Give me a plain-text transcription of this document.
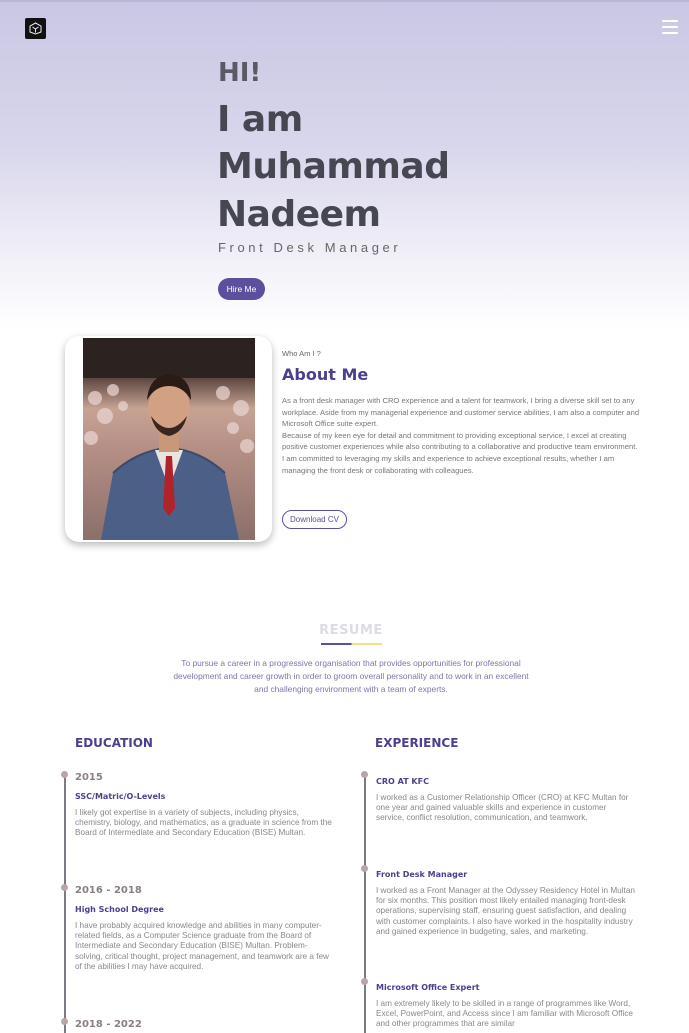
HI!
I am
Muhammad
Nadeem
Front Desk Manager
Hire Me
Who Am I ?
About Me

As a front desk manager with CRO experience and a talent for teamwork, I bring a diverse skill set to any workplace. Aside from my managerial experience and customer service abilities, I am also a computer and Microsoft Office suite expert.

Because of my keen eye for detail and commitment to providing exceptional service, I excel at creating positive customer experiences while also contributing to a collaborative and productive team environment. I am committed to leveraging my skills and experience to achieve exceptional results, whether I am managing the front desk or collaborating with colleagues.

Download CV
RESUME
To pursue a career in a progressive organisation that provides opportunities for professional development and career growth in order to groom overall personality and to work in an excellent and challenging environment with a team of experts.
EDUCATION
2015
SSC/Matric/O-Levels
I likely got expertise in a variety of subjects, including physics, chemistry, biology, and mathematics, as a graduate in science from the Board of Intermediate and Secondary Education (BISE) Multan.
2016 - 2018
High School Degree
I have probably acquired knowledge and abilities in many computer-related fields, as a Computer Science graduate from the Board of Intermediate and Secondary Education (BISE) Multan. Problem-solving, critical thought, project management, and teamwork are a few of the abilities I may have acquired.
2018 - 2022
EXPERIENCE
CRO AT KFC
I worked as a Customer Relationship Officer (CRO) at KFC Multan for one year and gained valuable skills and experience in customer service, conflict resolution, communication, and teamwork.
Front Desk Manager
I worked as a Front Manager at the Odyssey Residency Hotel in Multan for six months. This position most likely entailed managing front-desk operations, supervising staff, ensuring guest satisfaction, and dealing with customer complaints. I also have worked in the hospitality industry and gained experience in budgeting, sales, and marketing.
Microsoft Office Expert
I am extremely likely to be skilled in a range of programmes like Word, Excel, PowerPoint, and Access since I am familiar with Microsoft Office and other programmes that are similar
